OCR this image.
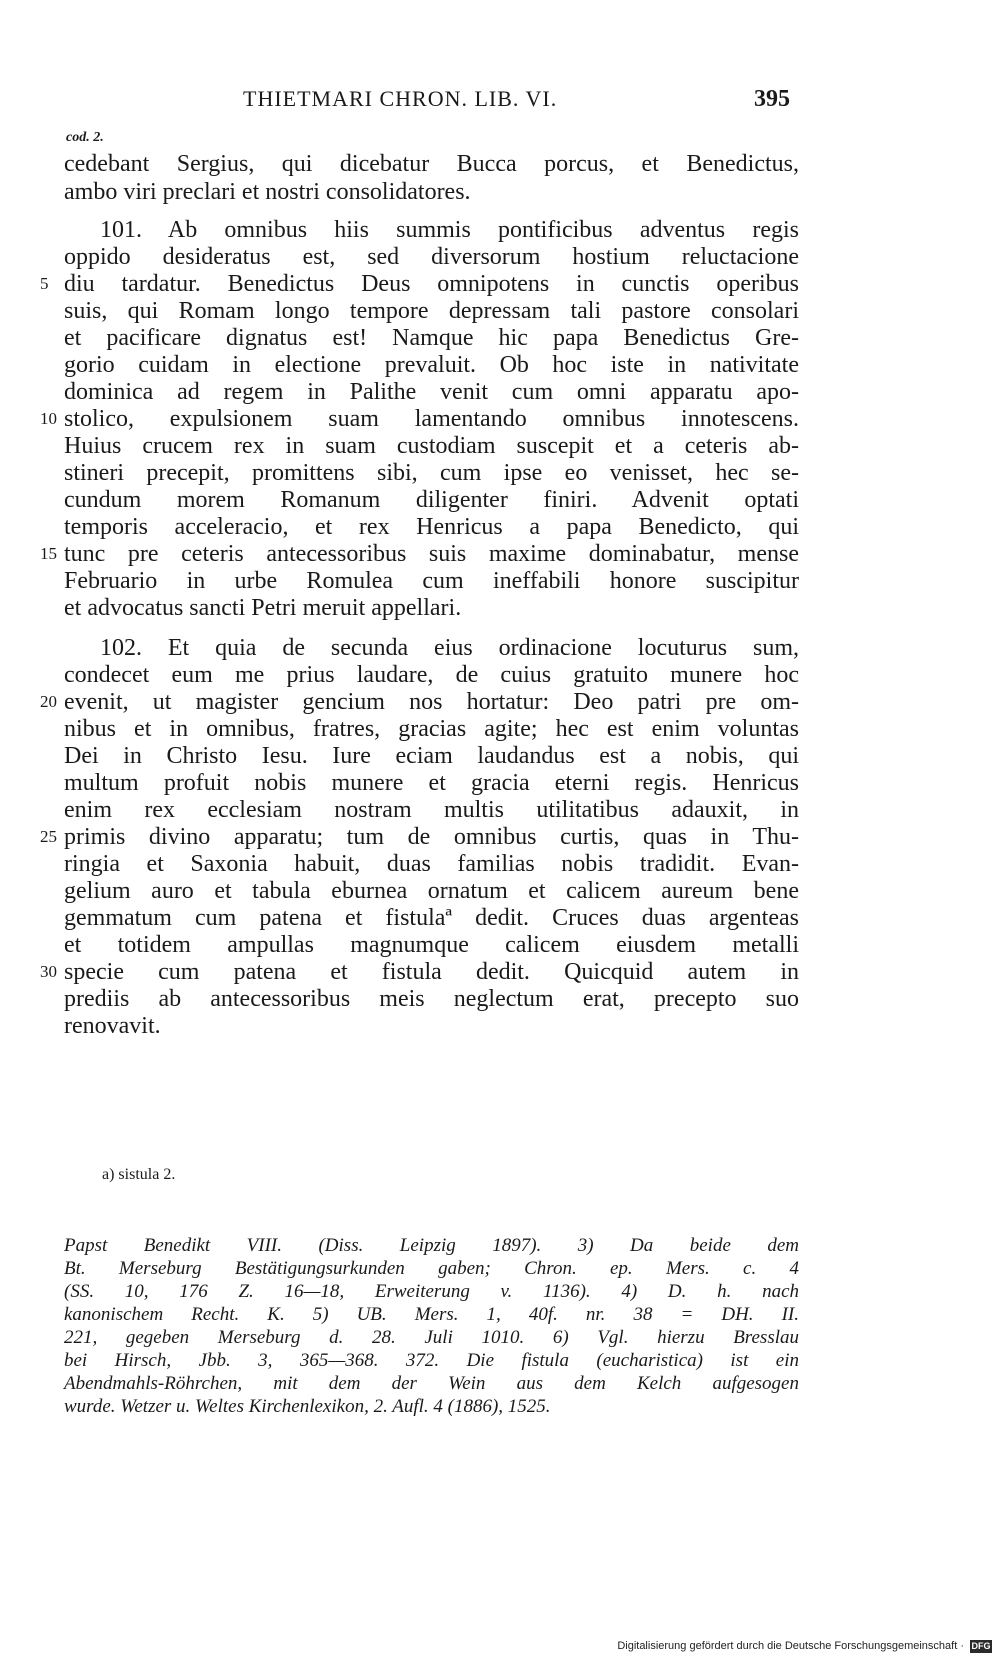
THIETMARI CHRON. LIB. VI.	395
cod. 2.
cedebant Sergius, qui dicebatur Bucca porcus, et Benedictus,
ambo viri preclari et nostri consolidatores.
101. Ab omnibus hiis summis pontificibus adventus regis
oppido desideratus est, sed diversorum hostium reluctacione
diu tardatur. Benedictus Deus omnipotens in cunctis operibus
suis, qui Romam longo tempore depressam tali pastore consolari
et pacificare dignatus est! Namque hic papa Benedictus Gre-
gorio cuidam in electione prevaluit. Ob hoc iste in nativitate
dominica ad regem in Palithe venit cum omni apparatu apo-
stolico, expulsionem suam lamentando omnibus innotescens.
Huius crucem rex in suam custodiam suscepit et a ceteris ab-
stineri precepit, promittens sibi, cum ipse eo venisset, hec se-
cundum morem Romanum diligenter finiri. Advenit optati
temporis acceleracio, et rex Henricus a papa Benedicto, qui
tunc pre ceteris antecessoribus suis maxime dominabatur, mense
Februario in urbe Romulea cum ineffabili honore suscipitur
et advocatus sancti Petri meruit appellari.
102. Et quia de secunda eius ordinacione locuturus sum,
condecet eum me prius laudare, de cuius gratuito munere hoc
evenit, ut magister gencium nos hortatur: Deo patri pre om-
nibus et in omnibus, fratres, gracias agite; hec est enim voluntas
Dei in Christo Iesu. Iure eciam laudandus est a nobis, qui
multum profuit nobis munere et gracia eterni regis. Henricus
enim rex ecclesiam nostram multis utilitatibus adauxit, in
primis divino apparatu; tum de omnibus curtis, quas in Thu-
ringia et Saxonia habuit, duas familias nobis tradidit. Evan-
gelium auro et tabula eburnea ornatum et calicem aureum bene
gemmatum cum patena et fistulaª dedit. Cruces duas argenteas
et totidem ampullas magnumque calicem eiusdem metalli
specie cum patena et fistula dedit. Quicquid autem in
prediis ab antecessoribus meis neglectum erat, precepto suo
renovavit.
5
10
15
20
25
30
a) sistula 2.
Papst Benedikt VIII. (Diss. Leipzig 1897). 3) Da beide dem
Bt. Merseburg Bestätigungsurkunden gaben; Chron. ep. Mers. c. 4
(SS. 10, 176 Z. 16—18, Erweiterung v. 1136). 4) D. h. nach
kanonischem Recht. K. 5) UB. Mers. 1, 40f. nr. 38 = DH. II.
221, gegeben Merseburg d. 28. Juli 1010. 6) Vgl. hierzu Bresslau
bei Hirsch, Jbb. 3, 365—368. 372. Die fistula (eucharistica) ist ein
Abendmahls-Röhrchen, mit dem der Wein aus dem Kelch aufgesogen
wurde. Wetzer u. Weltes Kirchenlexikon, 2. Aufl. 4 (1886), 1525.
Digitalisierung gefördert durch die Deutsche Forschungsgemeinschaft · DFG
